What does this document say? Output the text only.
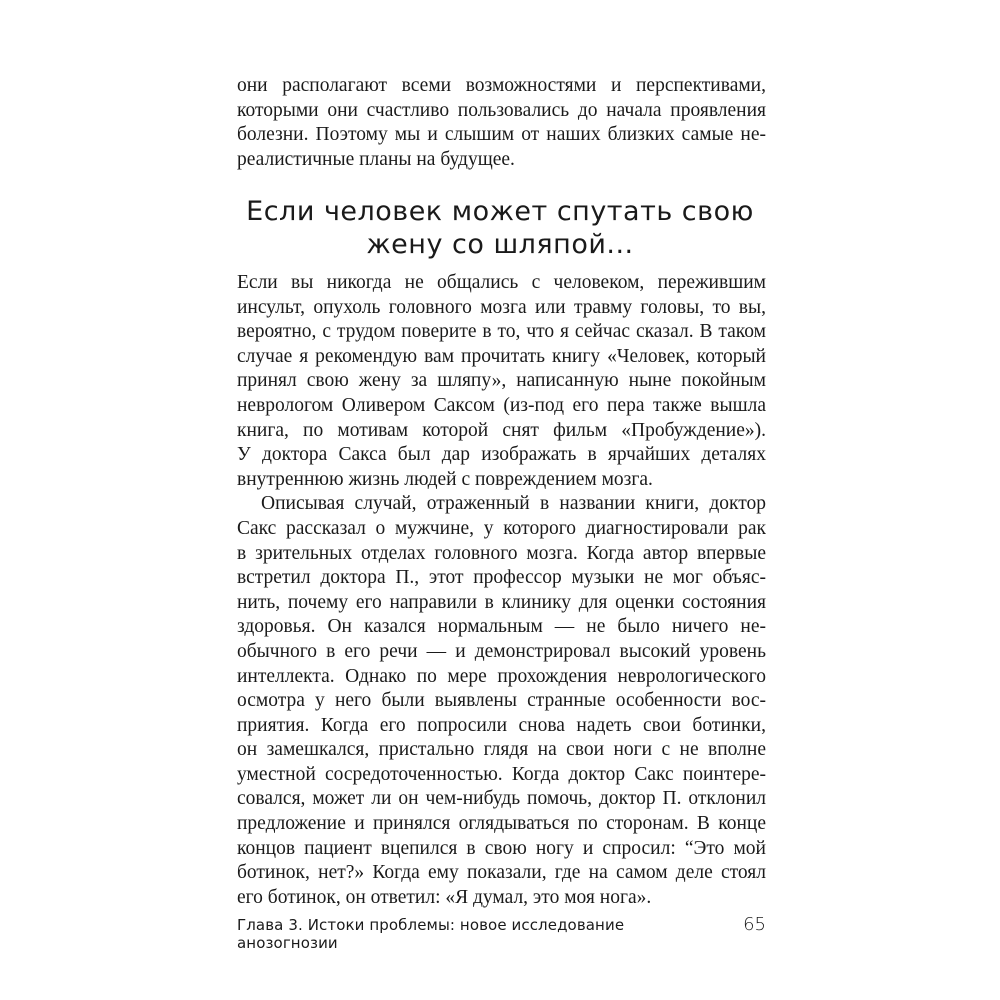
они располагают всеми возможностями и перспективами,
которыми они счастливо пользовались до начала проявления
болезни. Поэтому мы и слышим от наших близких самые не-
реалистичные планы на будущее.
Если человек может спутать свою
жену со шляпой...
Если вы никогда не общались с человеком, пережившим
инсульт, опухоль головного мозга или травму головы, то вы,
вероятно, с трудом поверите в то, что я сейчас сказал. В таком
случае я рекомендую вам прочитать книгу «Человек, который
принял свою жену за шляпу», написанную ныне покойным
неврологом Оливером Саксом (из-под его пера также вышла
книга, по мотивам которой снят фильм «Пробуждение»).
У доктора Сакса был дар изображать в ярчайших деталях
внутреннюю жизнь людей с повреждением мозга.
Описывая случай, отраженный в названии книги, доктор
Сакс рассказал о мужчине, у которого диагностировали рак
в зрительных отделах головного мозга. Когда автор впервые
встретил доктора П., этот профессор музыки не мог объяс-
нить, почему его направили в клинику для оценки состояния
здоровья. Он казался нормальным — не было ничего не-
обычного в его речи — и демонстрировал высокий уровень
интеллекта. Однако по мере прохождения неврологического
осмотра у него были выявлены странные особенности вос-
приятия. Когда его попросили снова надеть свои ботинки,
он замешкался, пристально глядя на свои ноги с не вполне
уместной сосредоточенностью. Когда доктор Сакс поинтере-
совался, может ли он чем-нибудь помочь, доктор П. отклонил
предложение и принялся оглядываться по сторонам. В конце
концов пациент вцепился в свою ногу и спросил: “Это мой
ботинок, нет?» Когда ему показали, где на самом деле стоял
его ботинок, он ответил: «Я думал, это моя нога».
Глава 3. Истоки проблемы: новое исследование анозогнозии
65
